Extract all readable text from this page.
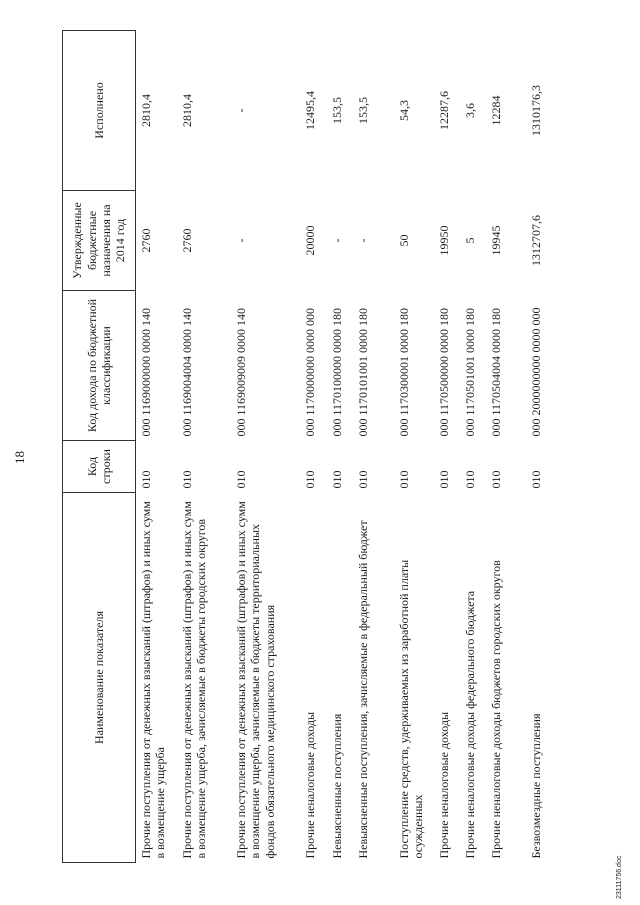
18
23111756.doc
Наименование показателя	Код строки	Код дохода по бюджетной классификации	Утвержденные бюджетные назначения на 2014 год	Исполнено
Прочие поступления от денежных взысканий (штрафов) и иных сумм в возмещение ущерба	010	000 1169000000 0000 140	2760	2810,4
Прочие поступления от денежных взысканий (штрафов) и иных сумм в возмещение ущерба, зачисляемые в бюджеты городских округов	010	000 1169004004 0000 140	2760	2810,4
Прочие поступления от денежных взысканий (штрафов) и иных сумм в возмещение ущерба, зачисляемые в бюджеты территориальных фондов обязательного медицинского страхования	010	000 1169009009 0000 140	-	-
Прочие неналоговые доходы	010	000 1170000000 0000 000	20000	12495,4
Невыясненные поступления	010	000 1170100000 0000 180	-	153,5
Невыясненные поступления, зачисляемые в федеральный бюджет	010	000 1170101001 0000 180	-	153,5
Поступление средств, удерживаемых из заработной платы осужденных	010	000 1170300001 0000 180	50	54,3
Прочие неналоговые доходы	010	000 1170500000 0000 180	19950	12287,6
Прочие неналоговые доходы федерального бюджета	010	000 1170501001 0000 180	5	3,6
Прочие неналоговые доходы бюджетов городских округов	010	000 1170504004 0000 180	19945	12284
Безвозмездные поступления	010	000 2000000000 0000 000	1312707,6	1310176,3
